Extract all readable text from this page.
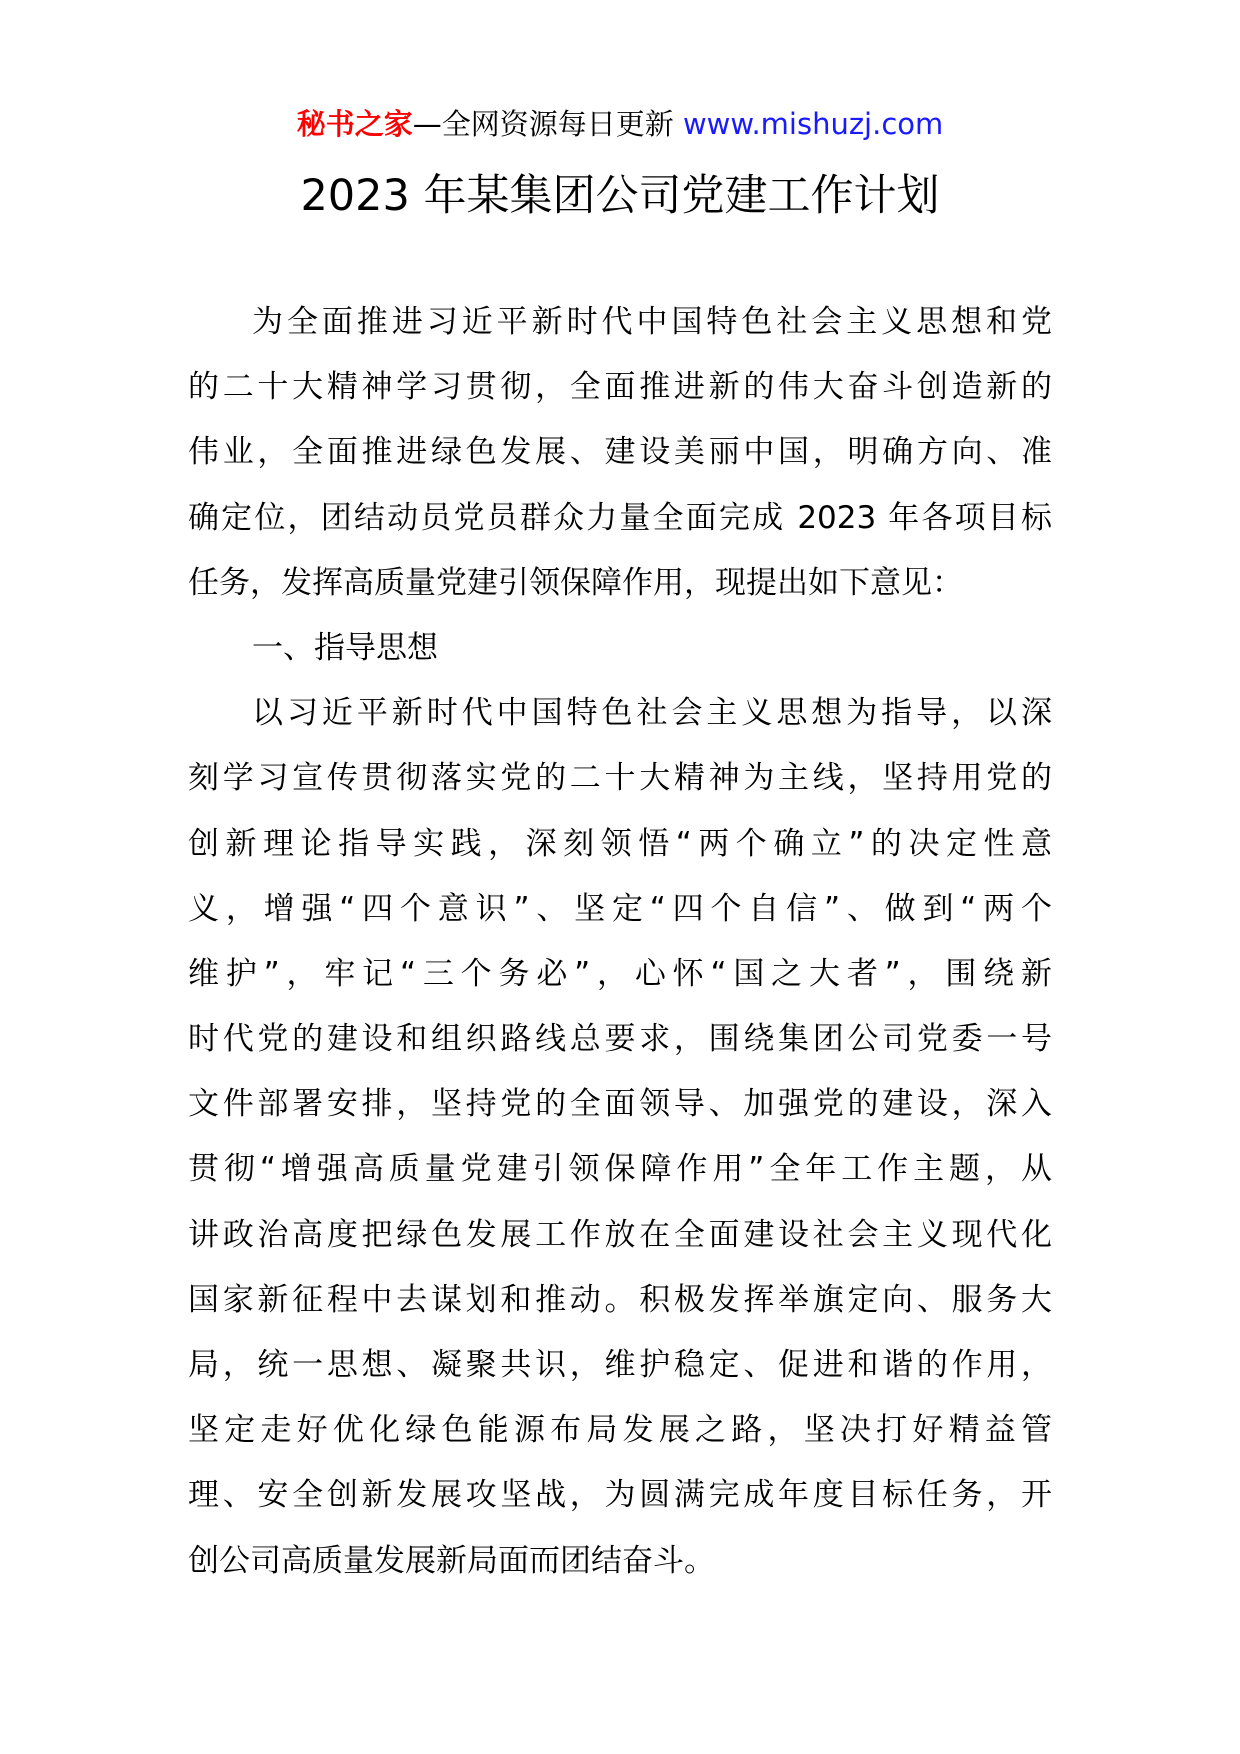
秘书之家—全网资源每日更新 www.mishuzj.com
2023 年某集团公司党建工作计划
为全面推进习近平新时代中国特色社会主义思想和党
的二十大精神学习贯彻，全面推进新的伟大奋斗创造新的
伟业，全面推进绿色发展、建设美丽中国，明确方向、准
确定位，团结动员党员群众力量全面完成 2023 年各项目标
任务，发挥高质量党建引领保障作用，现提出如下意见：
一、指导思想
以习近平新时代中国特色社会主义思想为指导，以深
刻学习宣传贯彻落实党的二十大精神为主线，坚持用党的
创新理论指导实践，深刻领悟“两个确立”的决定性意
义，增强“四个意识”、坚定“四个自信”、做到“两个
维护”，牢记“三个务必”，心怀“国之大者”，围绕新
时代党的建设和组织路线总要求，围绕集团公司党委一号
文件部署安排，坚持党的全面领导、加强党的建设，深入
贯彻“增强高质量党建引领保障作用”全年工作主题，从
讲政治高度把绿色发展工作放在全面建设社会主义现代化
国家新征程中去谋划和推动。积极发挥举旗定向、服务大
局，统一思想、凝聚共识，维护稳定、促进和谐的作用，
坚定走好优化绿色能源布局发展之路，坚决打好精益管
理、安全创新发展攻坚战，为圆满完成年度目标任务，开
创公司高质量发展新局面而团结奋斗。
